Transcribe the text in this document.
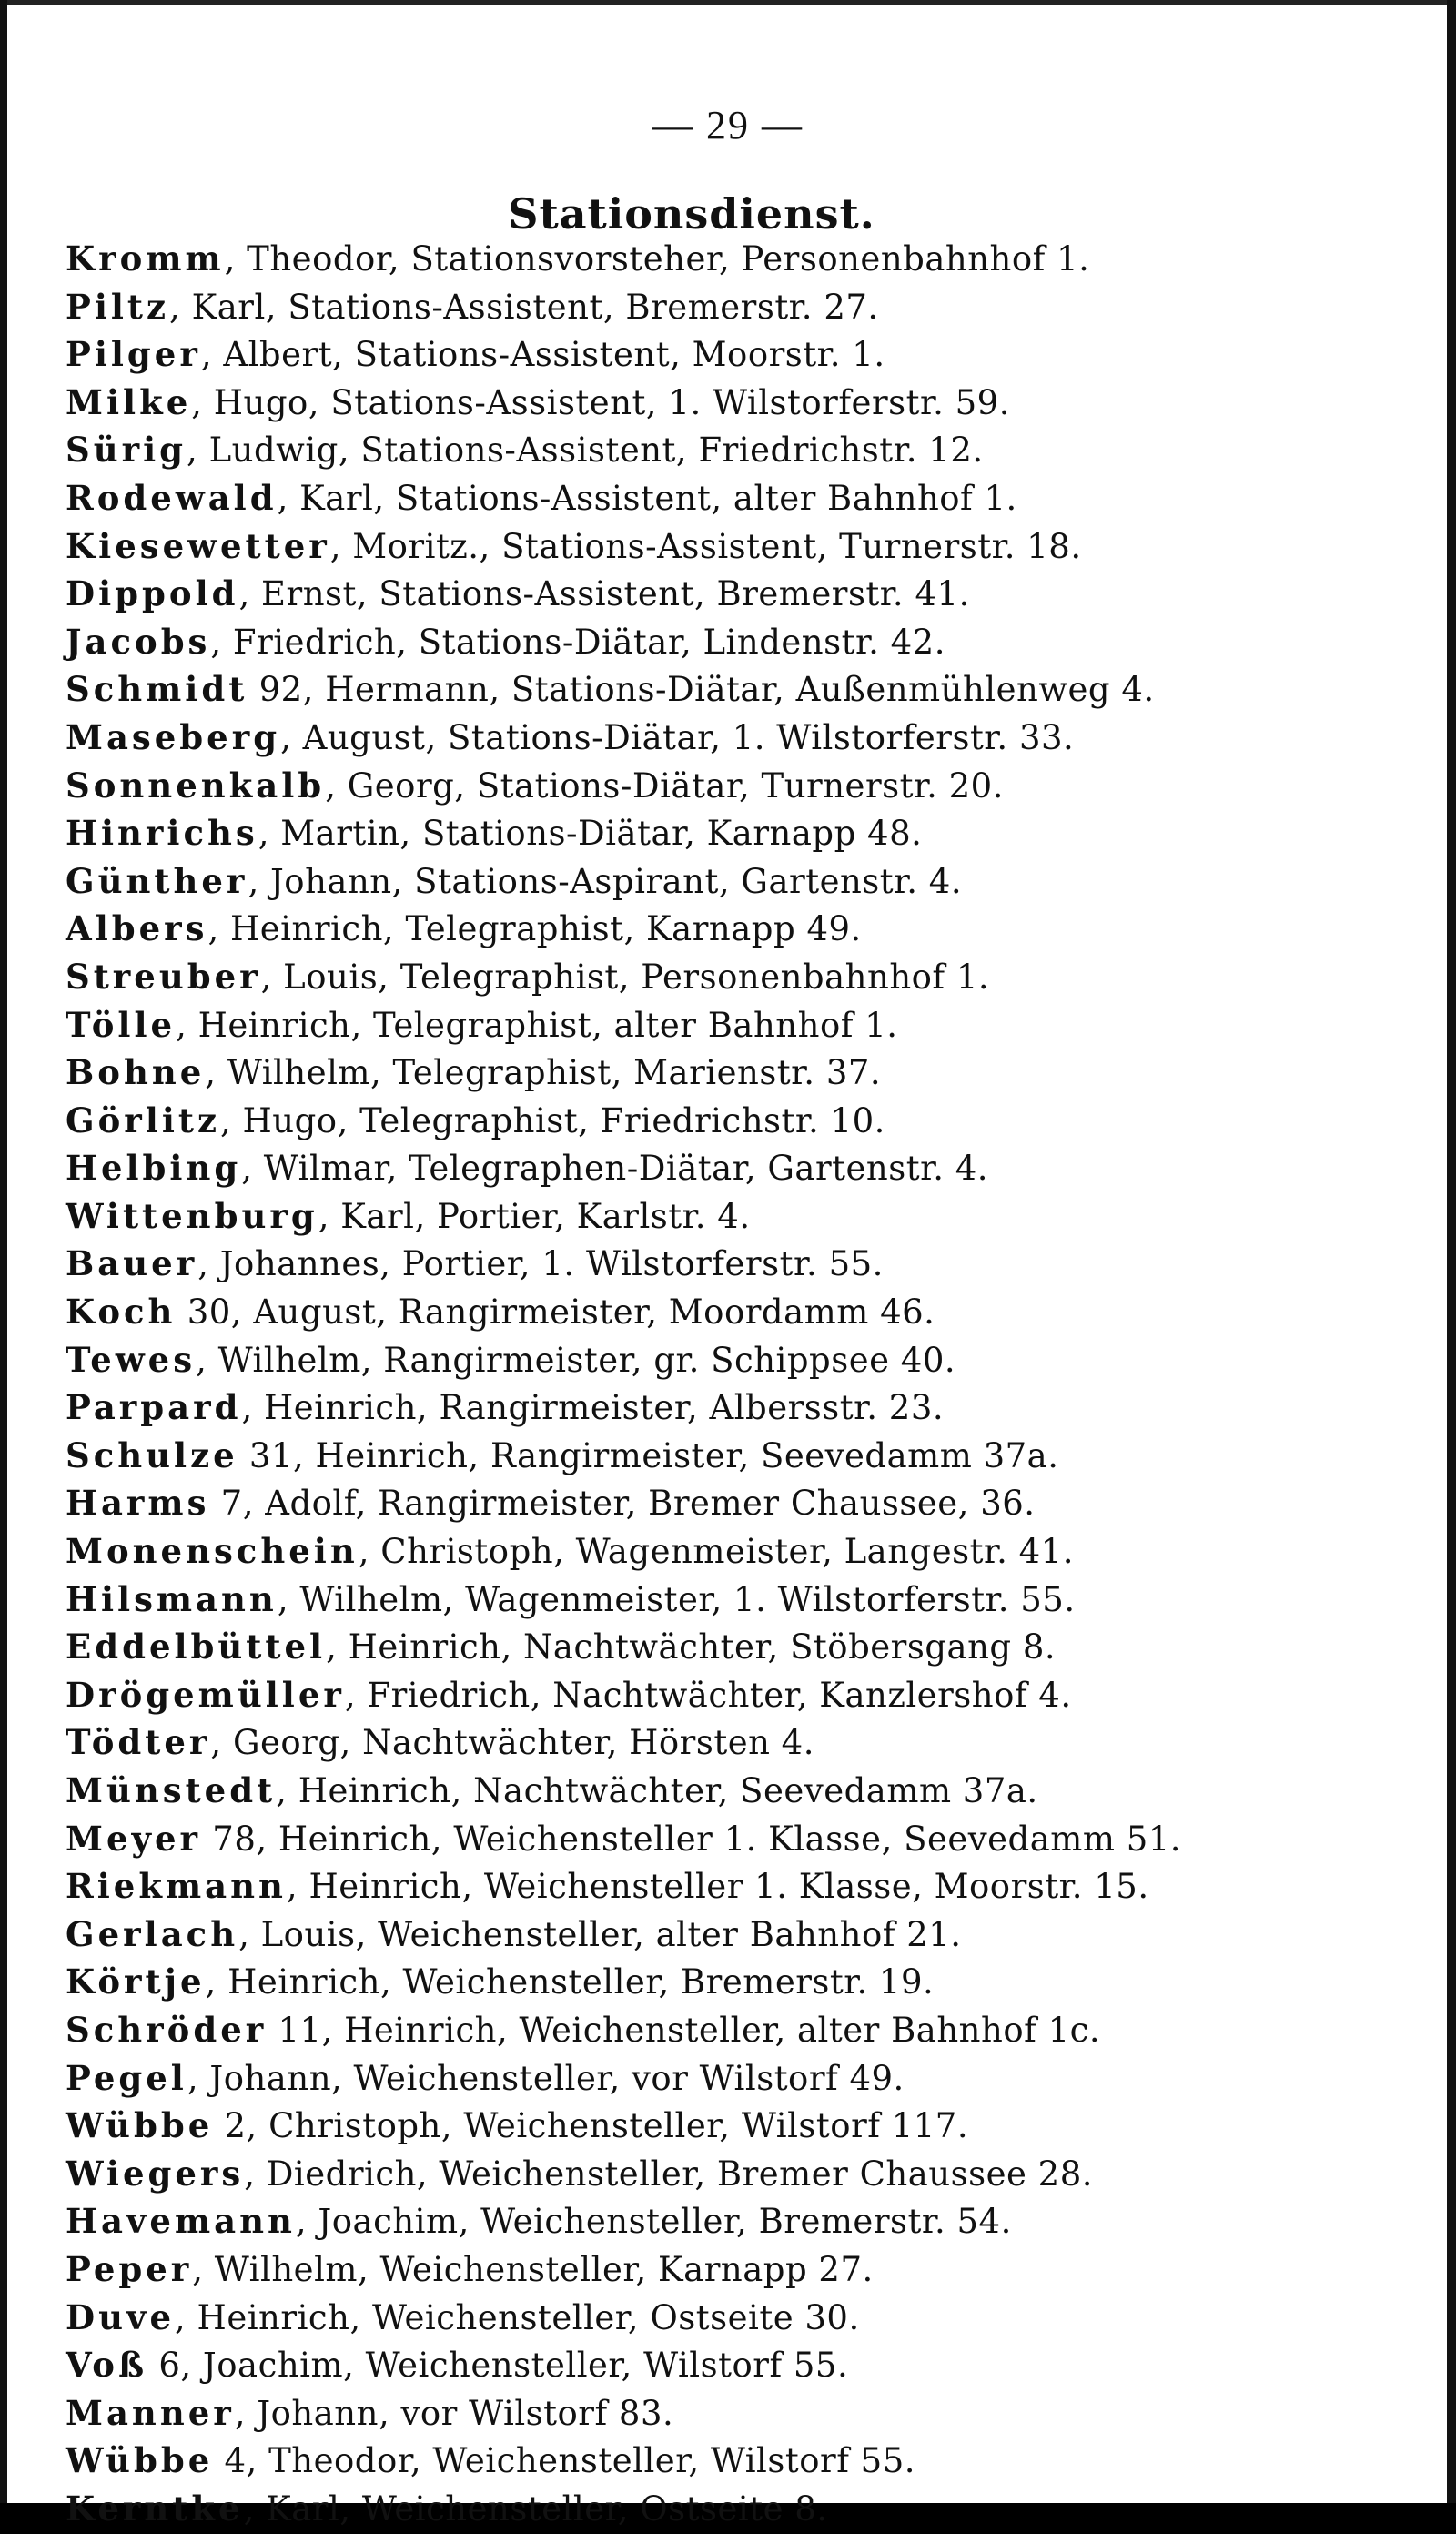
— 29 —
Stationsdienst.
Kromm, Theodor, Stationsvorsteher, Personenbahnhof 1.
Piltz, Karl, Stations-Assistent, Bremerstr. 27.
Pilger, Albert, Stations-Assistent, Moorstr. 1.
Milke, Hugo, Stations-Assistent, 1. Wilstorferstr. 59.
Sürig, Ludwig, Stations-Assistent, Friedrichstr. 12.
Rodewald, Karl, Stations-Assistent, alter Bahnhof 1.
Kiesewetter, Moritz., Stations-Assistent, Turnerstr. 18.
Dippold, Ernst, Stations-Assistent, Bremerstr. 41.
Jacobs, Friedrich, Stations-Diätar, Lindenstr. 42.
Schmidt 92, Hermann, Stations-Diätar, Außenmühlenweg 4.
Maseberg, August, Stations-Diätar, 1. Wilstorferstr. 33.
Sonnenkalb, Georg, Stations-Diätar, Turnerstr. 20.
Hinrichs, Martin, Stations-Diätar, Karnapp 48.
Günther, Johann, Stations-Aspirant, Gartenstr. 4.
Albers, Heinrich, Telegraphist, Karnapp 49.
Streuber, Louis, Telegraphist, Personenbahnhof 1.
Tölle, Heinrich, Telegraphist, alter Bahnhof 1.
Bohne, Wilhelm, Telegraphist, Marienstr. 37.
Görlitz, Hugo, Telegraphist, Friedrichstr. 10.
Helbing, Wilmar, Telegraphen-Diätar, Gartenstr. 4.
Wittenburg, Karl, Portier, Karlstr. 4.
Bauer, Johannes, Portier, 1. Wilstorferstr. 55.
Koch 30, August, Rangirmeister, Moordamm 46.
Tewes, Wilhelm, Rangirmeister, gr. Schippsee 40.
Parpard, Heinrich, Rangirmeister, Albersstr. 23.
Schulze 31, Heinrich, Rangirmeister, Seevedamm 37a.
Harms 7, Adolf, Rangirmeister, Bremer Chaussee, 36.
Monenschein, Christoph, Wagenmeister, Langestr. 41.
Hilsmann, Wilhelm, Wagenmeister, 1. Wilstorferstr. 55.
Eddelbüttel, Heinrich, Nachtwächter, Stöbersgang 8.
Drögemüller, Friedrich, Nachtwächter, Kanzlershof 4.
Tödter, Georg, Nachtwächter, Hörsten 4.
Münstedt, Heinrich, Nachtwächter, Seevedamm 37a.
Meyer 78, Heinrich, Weichensteller 1. Klasse, Seevedamm 51.
Riekmann, Heinrich, Weichensteller 1. Klasse, Moorstr. 15.
Gerlach, Louis, Weichensteller, alter Bahnhof 21.
Körtje, Heinrich, Weichensteller, Bremerstr. 19.
Schröder 11, Heinrich, Weichensteller, alter Bahnhof 1c.
Pegel, Johann, Weichensteller, vor Wilstorf 49.
Wübbe 2, Christoph, Weichensteller, Wilstorf 117.
Wiegers, Diedrich, Weichensteller, Bremer Chaussee 28.
Havemann, Joachim, Weichensteller, Bremerstr. 54.
Peper, Wilhelm, Weichensteller, Karnapp 27.
Duve, Heinrich, Weichensteller, Ostseite 30.
Voß 6, Joachim, Weichensteller, Wilstorf 55.
Manner, Johann, vor Wilstorf 83.
Wübbe 4, Theodor, Weichensteller, Wilstorf 55.
Kerntke, Karl, Weichensteller, Ostseite 8.
